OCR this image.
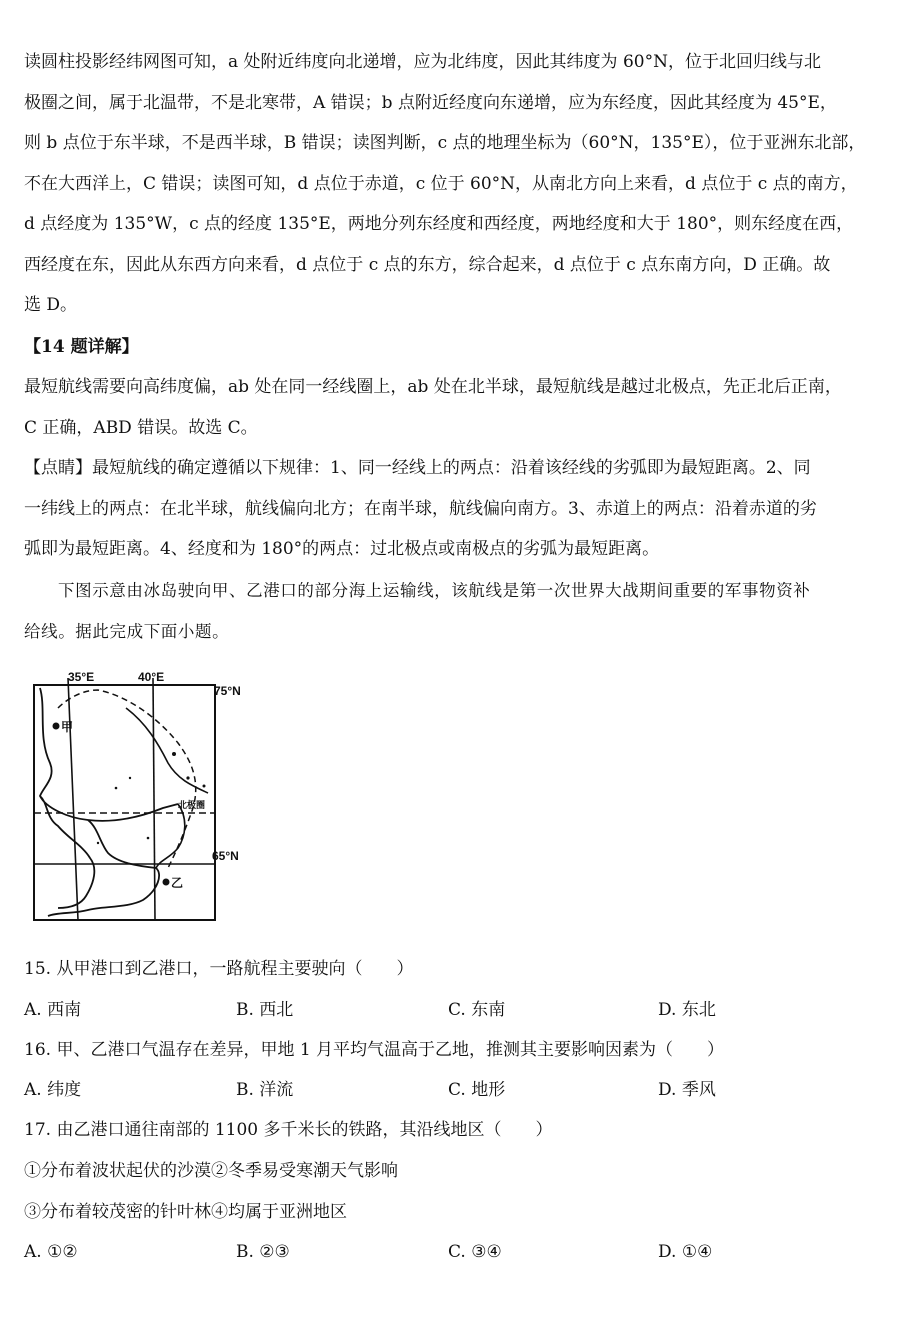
读圆柱投影经纬网图可知，a 处附近纬度向北递增，应为北纬度，因此其纬度为 60°N，位于北回归线与北
极圈之间，属于北温带，不是北寒带，A 错误；b 点附近经度向东递增，应为东经度，因此其经度为 45°E，
则 b 点位于东半球，不是西半球，B 错误；读图判断，c 点的地理坐标为（60°N，135°E），位于亚洲东北部，
不在大西洋上，C 错误；读图可知，d 点位于赤道，c 位于 60°N，从南北方向上来看，d 点位于 c 点的南方，
d 点经度为 135°W，c 点的经度 135°E，两地分列东经度和西经度，两地经度和大于 180°，则东经度在西，
西经度在东，因此从东西方向来看，d 点位于 c 点的东方，综合起来，d 点位于 c 点东南方向，D 正确。故
选 D。
【14 题详解】
最短航线需要向高纬度偏，ab 处在同一经线圈上，ab 处在北半球，最短航线是越过北极点，先正北后正南，
C 正确，ABD 错误。故选 C。
【点睛】最短航线的确定遵循以下规律：1、同一经线上的两点：沿着该经线的劣弧即为最短距离。2、同
一纬线上的两点：在北半球，航线偏向北方；在南半球，航线偏向南方。3、赤道上的两点：沿着赤道的劣
弧即为最短距离。4、经度和为 180°的两点：过北极点或南极点的劣弧为最短距离。
下图示意由冰岛驶向甲、乙港口的部分海上运输线，该航线是第一次世界大战期间重要的军事物资补
给线。据此完成下面小题。
35°E	40°E
75°N
65°N
甲
乙
北极圈
15. 从甲港口到乙港口，一路航程主要驶向（　　）
A. 西南	B. 西北	C. 东南	D. 东北
16. 甲、乙港口气温存在差异，甲地 1 月平均气温高于乙地，推测其主要影响因素为（　　）
A. 纬度	B. 洋流	C. 地形	D. 季风
17. 由乙港口通往南部的 1100 多千米长的铁路，其沿线地区（　　）
①分布着波状起伏的沙漠②冬季易受寒潮天气影响
③分布着较茂密的针叶林④均属于亚洲地区
A. ①②	B. ②③	C. ③④	D. ①④
